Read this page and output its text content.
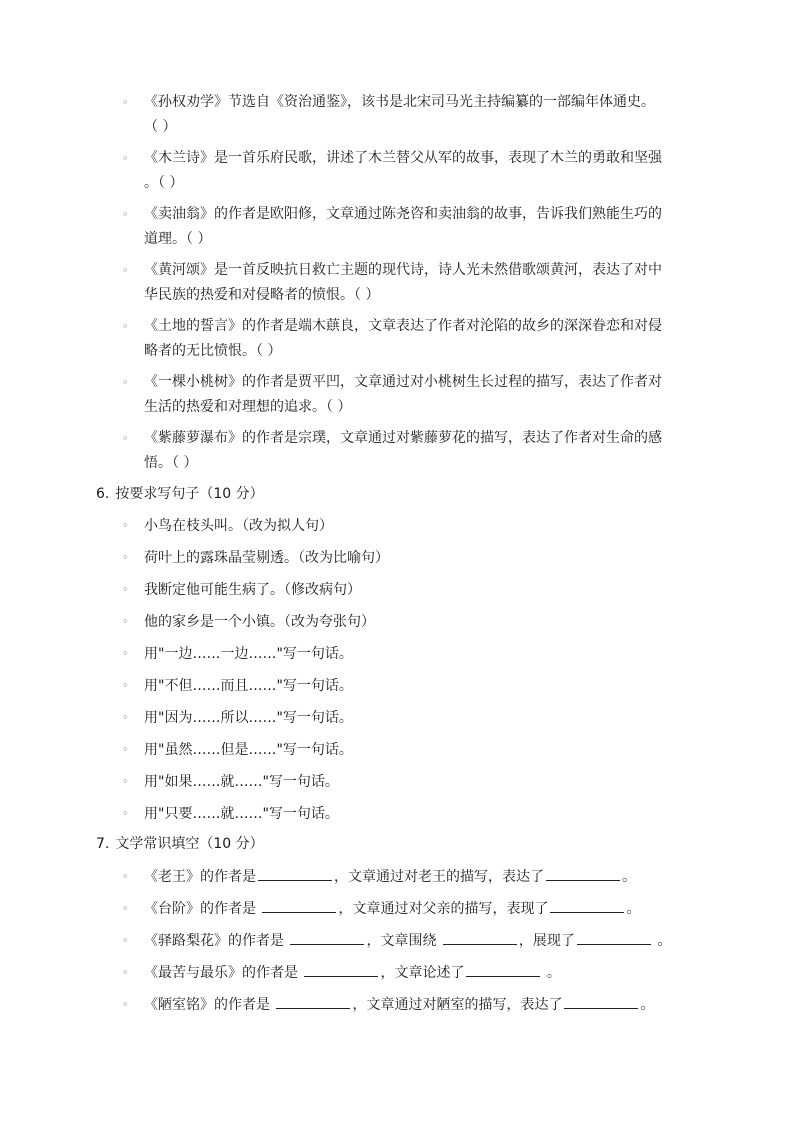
◦ 《孙权劝学》节选自《资治通鉴》，该书是北宋司马光主持编纂的一部编年体通史。
（ ）
◦ 《木兰诗》是一首乐府民歌，讲述了木兰替父从军的故事，表现了木兰的勇敢和坚强
。（ ）
◦ 《卖油翁》的作者是欧阳修，文章通过陈尧咨和卖油翁的故事，告诉我们熟能生巧的
道理。（ ）
◦ 《黄河颂》是一首反映抗日救亡主题的现代诗，诗人光未然借歌颂黄河，表达了对中
华民族的热爱和对侵略者的愤恨。（ ）
◦ 《土地的誓言》的作者是端木蕻良，文章表达了作者对沦陷的故乡的深深眷恋和对侵
略者的无比愤恨。（ ）
◦ 《一棵小桃树》的作者是贾平凹，文章通过对小桃树生长过程的描写，表达了作者对
生活的热爱和对理想的追求。（ ）
◦ 《紫藤萝瀑布》的作者是宗璞，文章通过对紫藤萝花的描写，表达了作者对生命的感
悟。（ ）
6. 按要求写句子（10 分）
◦ 小鸟在枝头叫。（改为拟人句）
◦ 荷叶上的露珠晶莹剔透。（改为比喻句）
◦ 我断定他可能生病了。（修改病句）
◦ 他的家乡是一个小镇。（改为夸张句）
◦ 用"一边……一边……"写一句话。
◦ 用"不但……而且……"写一句话。
◦ 用"因为……所以……"写一句话。
◦ 用"虽然……但是……"写一句话。
◦ 用"如果……就……"写一句话。
◦ 用"只要……就……"写一句话。
7. 文学常识填空（10 分）
◦ 《老王》的作者是	，文章通过对老王的描写，表达了	。
◦ 《台阶》的作者是	，文章通过对父亲的描写，表现了	。
◦ 《驿路梨花》的作者是	，文章围绕	，展现了	。
◦ 《最苦与最乐》的作者是	，文章论述了	。
◦ 《陋室铭》的作者是	，文章通过对陋室的描写，表达了	。
